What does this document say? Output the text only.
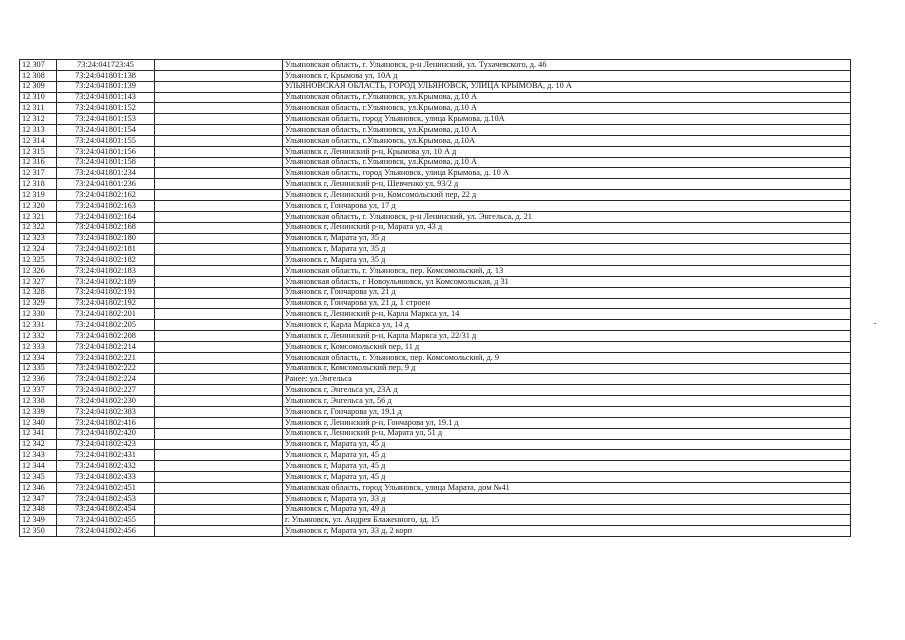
12 307	73:24:041723:45		Ульяновская область, г. Ульяновск, р-н Ленинский, ул. Тухачевского, д. 46
12 308	73:24:041801:138		Ульяновск г, Крымова ул, 10А д
12 309	73:24:041801:139		УЛЬЯНОВСКАЯ ОБЛАСТЬ, ГОРОД УЛЬЯНОВСК, УЛИЦА КРЫМОВА, д. 10 А
12 310	73:24:041801:143		Ульяновская область, г.Ульяновск, ул.Крымова, д.10 А
12 311	73:24:041801:152		Ульяновская область, г.Ульяновск, ул.Крымова, д.10 А
12 312	73:24:041801:153		Ульяновская область, город Ульяновск, улица Крымова, д.10А
12 313	73:24:041801:154		Ульяновская область, г.Ульяновск, ул.Крымова, д.10 А
12 314	73:24:041801:155		Ульяновская область, г.Ульяновск, ул.Крымова, д.10А
12 315	73:24:041801:156		Ульяновск г, Ленинский р-н, Крымова ул, 10 А д
12 316	73:24:041801:158		Ульяновская область, г.Ульяновск, ул.Крымова, д.10 А
12 317	73:24:041801:234		Ульяновская область, город Ульяновск, улица Крымова, д. 10 А
12 318	73:24:041801:236		Ульяновск г, Ленинский р-н, Шевченко ул, 93/2 д
12 319	73:24:041802:162		Ульяновск г, Ленинский р-н, Комсомольский пер, 22 д
12 320	73:24:041802:163		Ульяновск г, Гончарова ул, 17 д
12 321	73:24:041802:164		Ульяновская область, г. Ульяновск, р-н Ленинский, ул. Энгельса, д. 21
12 322	73:24:041802:168		Ульяновск г, Ленинский р-н, Марата ул, 43 д
12 323	73:24:041802:180		Ульяновск г, Марата ул, 35 д
12 324	73:24:041802:181		Ульяновск г, Марата ул, 35 д
12 325	73:24:041802:182		Ульяновск г, Марата ул, 35 д
12 326	73:24:041802:183		Ульяновская область, г. Ульяновск, пер. Комсомольский, д. 13
12 327	73:24:041802:189		Ульяновская область, г Новоульяновск, ул Комсомольская, д 31
12 328	73:24:041802:191		Ульяновск г, Гончарова ул, 21 д
12 329	73:24:041802:192		Ульяновск г, Гончарова ул, 21 д, 1 строен
12 330	73:24:041802:201		Ульяновск г, Ленинский р-н, Карла Маркса ул, 14
12 331	73:24:041802:205		Ульяновск г, Карла Маркса ул, 14 д
12 332	73:24:041802:208		Ульяновск г, Ленинский р-н, Карла Маркса ул, 22/31 д
12 333	73:24:041802:214		Ульяновск г, Комсомольский пер, 11 д
12 334	73:24:041802:221		Ульяновская область, г. Ульяновск, пер. Комсомольский, д. 9
12 335	73:24:041802:222		Ульяновск г, Комсомольский пер, 9 д
12 336	73:24:041802:224		Ранее: ул.Энгельса
12 337	73:24:041802:227		Ульяновск г, Энгельса ул, 23А д
12 338	73:24:041802:230		Ульяновск г, Энгельса ул, 56 д
12 339	73:24:041802:383		Ульяновск г, Гончарова ул, 19.1 д
12 340	73:24:041802:416		Ульяновск г, Ленинский р-н, Гончарова ул, 19.1 д
12 341	73:24:041802:420		Ульяновск г, Ленинский р-н, Марата ул, 51 д
12 342	73:24:041802:423		Ульяновск г, Марата ул, 45 д
12 343	73:24:041802:431		Ульяновск г, Марата ул, 45 д
12 344	73:24:041802:432		Ульяновск г, Марата ул, 45 д
12 345	73:24:041802:433		Ульяновск г, Марата ул, 45 д
12 346	73:24:041802:451		Ульяновская область, город Ульяновск, улица Марата, дом №41
12 347	73:24:041802:453		Ульяновск г, Марата ул, 33 д
12 348	73:24:041802:454		Ульяновск г, Марата ул, 49 д
12 349	73:24:041802:455		г. Ульяновск, ул. Андрея Блаженного, зд. 15
12 350	73:24:041802:456		Ульяновск г, Марата ул, 33 д, 2 корп
